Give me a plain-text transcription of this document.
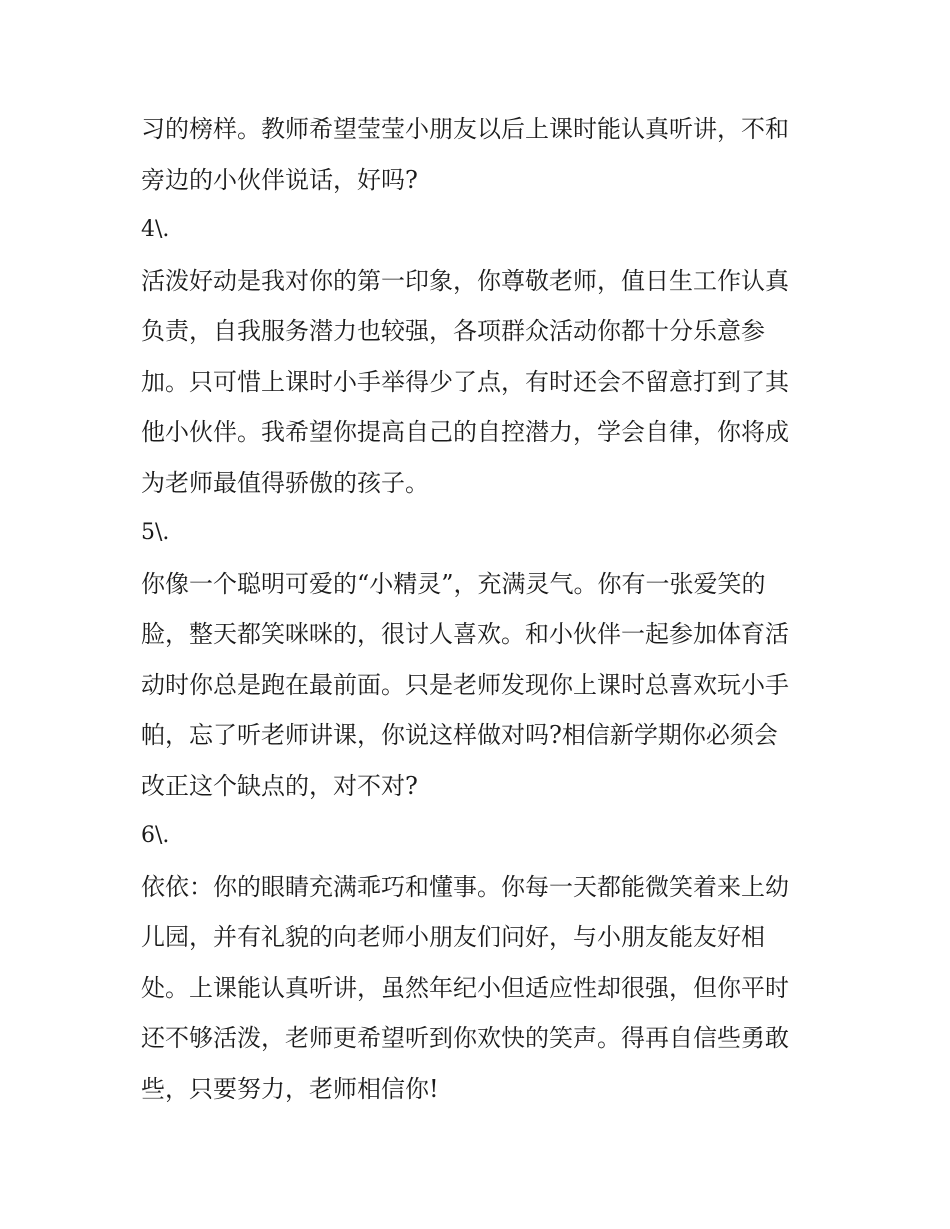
习的榜样。教师希望莹莹小朋友以后上课时能认真听讲，不和
旁边的小伙伴说话，好吗?
4\.
活泼好动是我对你的第一印象，你尊敬老师，值日生工作认真
负责，自我服务潜力也较强，各项群众活动你都十分乐意参
加。只可惜上课时小手举得少了点，有时还会不留意打到了其
他小伙伴。我希望你提高自己的自控潜力，学会自律，你将成
为老师最值得骄傲的孩子。
5\.
你像一个聪明可爱的“小精灵”，充满灵气。你有一张爱笑的
脸，整天都笑咪咪的，很讨人喜欢。和小伙伴一起参加体育活
动时你总是跑在最前面。只是老师发现你上课时总喜欢玩小手
帕，忘了听老师讲课，你说这样做对吗?相信新学期你必须会
改正这个缺点的，对不对?
6\.
依依：你的眼睛充满乖巧和懂事。你每一天都能微笑着来上幼
儿园，并有礼貌的向老师小朋友们问好，与小朋友能友好相
处。上课能认真听讲，虽然年纪小但适应性却很强，但你平时
还不够活泼，老师更希望听到你欢快的笑声。得再自信些勇敢
些，只要努力，老师相信你!
